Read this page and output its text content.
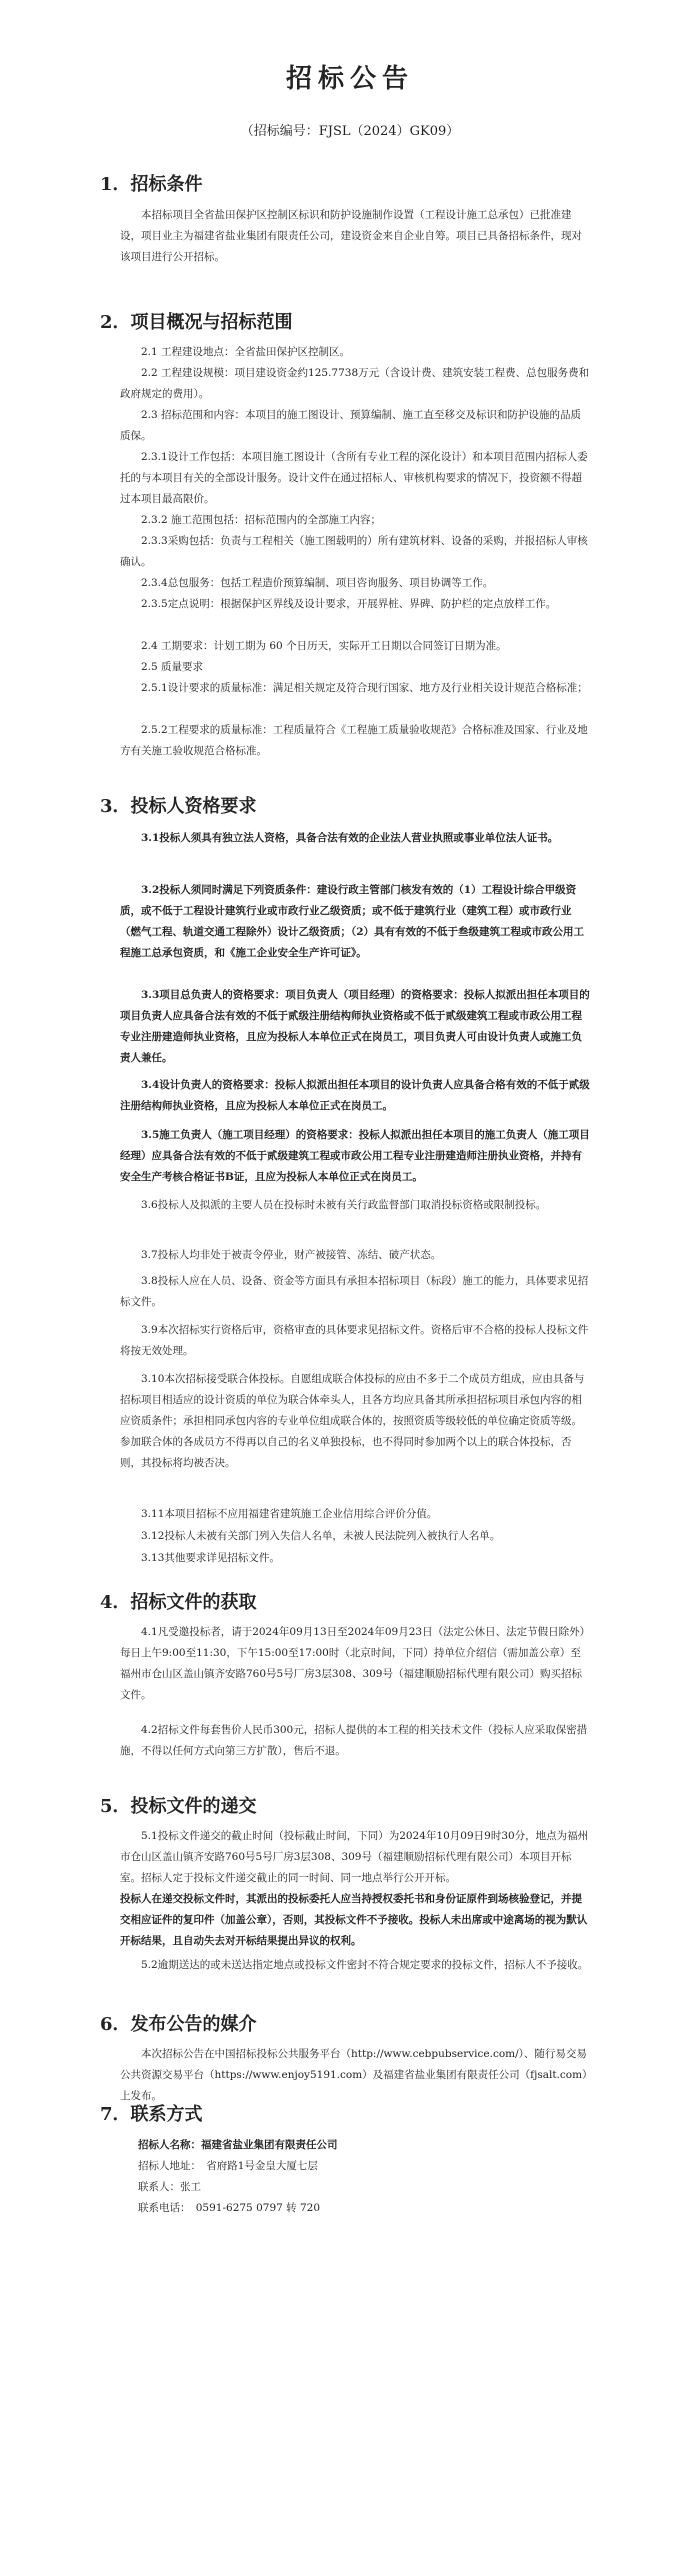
招标公告
（招标编号：FJSL（2024）GK09）
1．招标条件
本招标项目全省盐田保护区控制区标识和防护设施制作设置（工程设计施工总承包）已批准建设，项目业主为福建省盐业集团有限责任公司，建设资金来自企业自筹。项目已具备招标条件，现对该项目进行公开招标。
2．项目概况与招标范围
2.1 工程建设地点：全省盐田保护区控制区。
2.2 工程建设规模：项目建设资金约125.7738万元（含设计费、建筑安装工程费、总包服务费和政府规定的费用）。
2.3 招标范围和内容：本项目的施工图设计、预算编制、施工直至移交及标识和防护设施的品质质保。
2.3.1设计工作包括：本项目施工图设计（含所有专业工程的深化设计）和本项目范围内招标人委托的与本项目有关的全部设计服务。设计文件在通过招标人、审核机构要求的情况下，投资额不得超过本项目最高限价。
2.3.2 施工范围包括：招标范围内的全部施工内容；
2.3.3采购包括：负责与工程相关（施工图载明的）所有建筑材料、设备的采购，并报招标人审核确认。
2.3.4总包服务：包括工程造价预算编制、项目咨询服务、项目协调等工作。
2.3.5定点说明：根据保护区界线及设计要求，开展界桩、界碑、防护栏的定点放样工作。
2.4 工期要求：计划工期为 60 个日历天，实际开工日期以合同签订日期为准。
2.5 质量要求
2.5.1设计要求的质量标准：满足相关规定及符合现行国家、地方及行业相关设计规范合格标准；
2.5.2工程要求的质量标准：工程质量符合《工程施工质量验收规范》合格标准及国家、行业及地方有关施工验收规范合格标准。
3．投标人资格要求
3.1投标人须具有独立法人资格，具备合法有效的企业法人营业执照或事业单位法人证书。
3.2投标人须同时满足下列资质条件：建设行政主管部门核发有效的（1）工程设计综合甲级资质，或不低于工程设计建筑行业或市政行业乙级资质；或不低于建筑行业（建筑工程）或市政行业（燃气工程、轨道交通工程除外）设计乙级资质；（2）具有有效的不低于叁级建筑工程或市政公用工程施工总承包资质，和《施工企业安全生产许可证》。
3.3项目总负责人的资格要求：项目负责人（项目经理）的资格要求：投标人拟派出担任本项目的项目负责人应具备合法有效的不低于贰级注册结构师执业资格或不低于贰级建筑工程或市政公用工程专业注册建造师执业资格，且应为投标人本单位正式在岗员工，项目负责人可由设计负责人或施工负责人兼任。
3.4设计负责人的资格要求：投标人拟派出担任本项目的设计负责人应具备合格有效的不低于贰级注册结构师执业资格，且应为投标人本单位正式在岗员工。
3.5施工负责人（施工项目经理）的资格要求：投标人拟派出担任本项目的施工负责人（施工项目经理）应具备合法有效的不低于贰级建筑工程或市政公用工程专业注册建造师注册执业资格，并持有安全生产考核合格证书B证，且应为投标人本单位正式在岗员工。
3.6投标人及拟派的主要人员在投标时未被有关行政监督部门取消投标资格或限制投标。
3.7投标人均非处于被责令停业，财产被接管、冻结、破产状态。
3.8投标人应在人员、设备、资金等方面具有承担本招标项目（标段）施工的能力，具体要求见招标文件。
3.9本次招标实行资格后审，资格审查的具体要求见招标文件。资格后审不合格的投标人投标文件将按无效处理。
3.10本次招标接受联合体投标。自愿组成联合体投标的应由不多于二个成员方组成，应由具备与招标项目相适应的设计资质的单位为联合体牵头人，且各方均应具备其所承担招标项目承包内容的相应资质条件；承担相同承包内容的专业单位组成联合体的，按照资质等级较低的单位确定资质等级。参加联合体的各成员方不得再以自己的名义单独投标，也不得同时参加两个以上的联合体投标，否则，其投标将均被否决。
3.11本项目招标不应用福建省建筑施工企业信用综合评价分值。
3.12投标人未被有关部门列入失信人名单，未被人民法院列入被执行人名单。
3.13其他要求详见招标文件。
4．招标文件的获取
4.1凡受邀投标者，请于2024年09月13日至2024年09月23日（法定公休日、法定节假日除外）每日上午9:00至11:30，下午15:00至17:00时（北京时间，下同）持单位介绍信（需加盖公章）至福州市仓山区盖山镇齐安路760号5号厂房3层308、309号（福建顺励招标代理有限公司）购买招标文件。
4.2招标文件每套售价人民币300元，招标人提供的本工程的相关技术文件（投标人应采取保密措施，不得以任何方式向第三方扩散），售后不退。
5．投标文件的递交
5.1投标文件递交的截止时间（投标截止时间，下同）为2024年10月09日9时30分，地点为福州市仓山区盖山镇齐安路760号5号厂房3层308、309号（福建顺励招标代理有限公司）本项目开标室。招标人定于投标文件递交截止的同一时间、同一地点举行公开开标。
投标人在递交投标文件时，其派出的投标委托人应当持授权委托书和身份证原件到场核验登记，并提交相应证件的复印件（加盖公章），否则，其投标文件不予接收。投标人未出席或中途离场的视为默认开标结果，且自动失去对开标结果提出异议的权利。
5.2逾期送达的或未送达指定地点或投标文件密封不符合规定要求的投标文件，招标人不予接收。
6．发布公告的媒介
本次招标公告在中国招标投标公共服务平台（http://www.cebpubservice.com/）、随行易交易公共资源交易平台（https://www.enjoy5191.com）及福建省盐业集团有限责任公司（fjsalt.com）上发布。
7．联系方式
招标人名称：福建省盐业集团有限责任公司
招标人地址：　省府路1号金皇大厦七层
联系人：张工
联系电话：　0591-6275 0797 转 720
